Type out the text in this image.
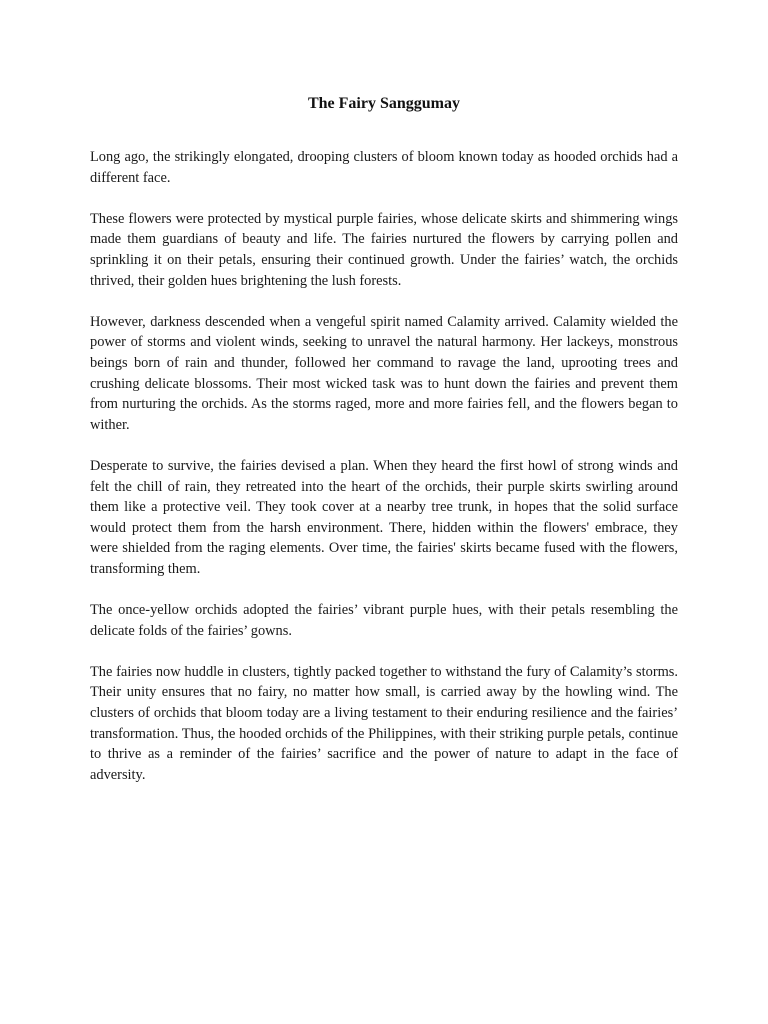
The Fairy Sanggumay

Long ago, the strikingly elongated, drooping clusters of bloom known today as hooded orchids had a different face.

These flowers were protected by mystical purple fairies, whose delicate skirts and shimmering wings made them guardians of beauty and life. The fairies nurtured the flowers by carrying pollen and sprinkling it on their petals, ensuring their continued growth. Under the fairies’ watch, the orchids thrived, their golden hues brightening the lush forests.

However, darkness descended when a vengeful spirit named Calamity arrived. Calamity wielded the power of storms and violent winds, seeking to unravel the natural harmony. Her lackeys, monstrous beings born of rain and thunder, followed her command to ravage the land, uprooting trees and crushing delicate blossoms. Their most wicked task was to hunt down the fairies and prevent them from nurturing the orchids. As the storms raged, more and more fairies fell, and the flowers began to wither.

Desperate to survive, the fairies devised a plan. When they heard the first howl of strong winds and felt the chill of rain, they retreated into the heart of the orchids, their purple skirts swirling around them like a protective veil. They took cover at a nearby tree trunk, in hopes that the solid surface would protect them from the harsh environment. There, hidden within the flowers' embrace, they were shielded from the raging elements. Over time, the fairies' skirts became fused with the flowers, transforming them.

The once-yellow orchids adopted the fairies’ vibrant purple hues, with their petals resembling the delicate folds of the fairies’ gowns.

The fairies now huddle in clusters, tightly packed together to withstand the fury of Calamity’s storms. Their unity ensures that no fairy, no matter how small, is carried away by the howling wind. The clusters of orchids that bloom today are a living testament to their enduring resilience and the fairies’ transformation. Thus, the hooded orchids of the Philippines, with their striking purple petals, continue to thrive as a reminder of the fairies’ sacrifice and the power of nature to adapt in the face of adversity.
